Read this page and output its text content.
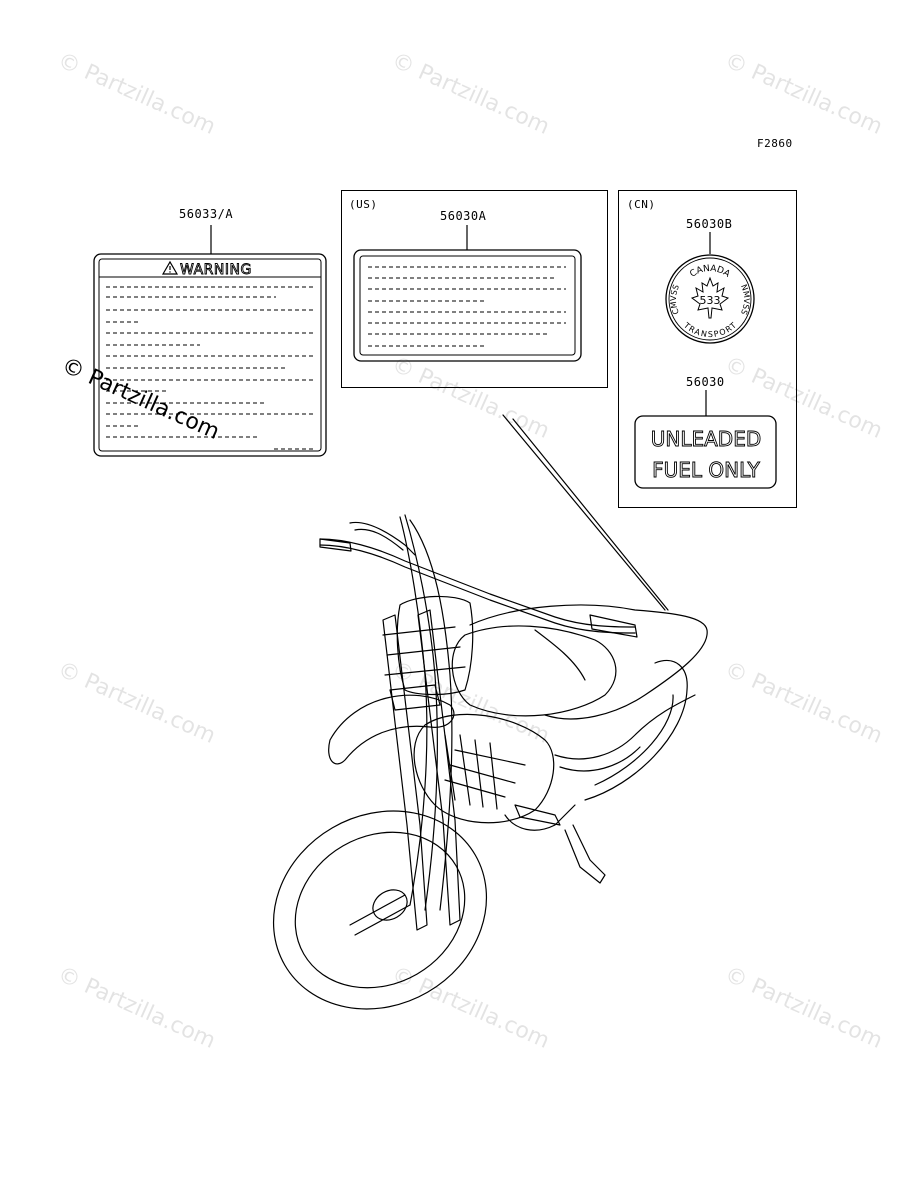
© Partzilla.com	© Partzilla.com	© Partzilla.com
© Partzilla.com	© Partzilla.com
© Partzilla.com	© Partzilla.com	© Partzilla.com
© Partzilla.com	© Partzilla.com	© Partzilla.com
F2860
56033/A
WARNING
(US)
56030A
(CN)
56030B
CANADA
CMVSS	NMVSS
TRANSPORT
533
56030
UNLEADED
FUEL ONLY
© Partzilla.com
